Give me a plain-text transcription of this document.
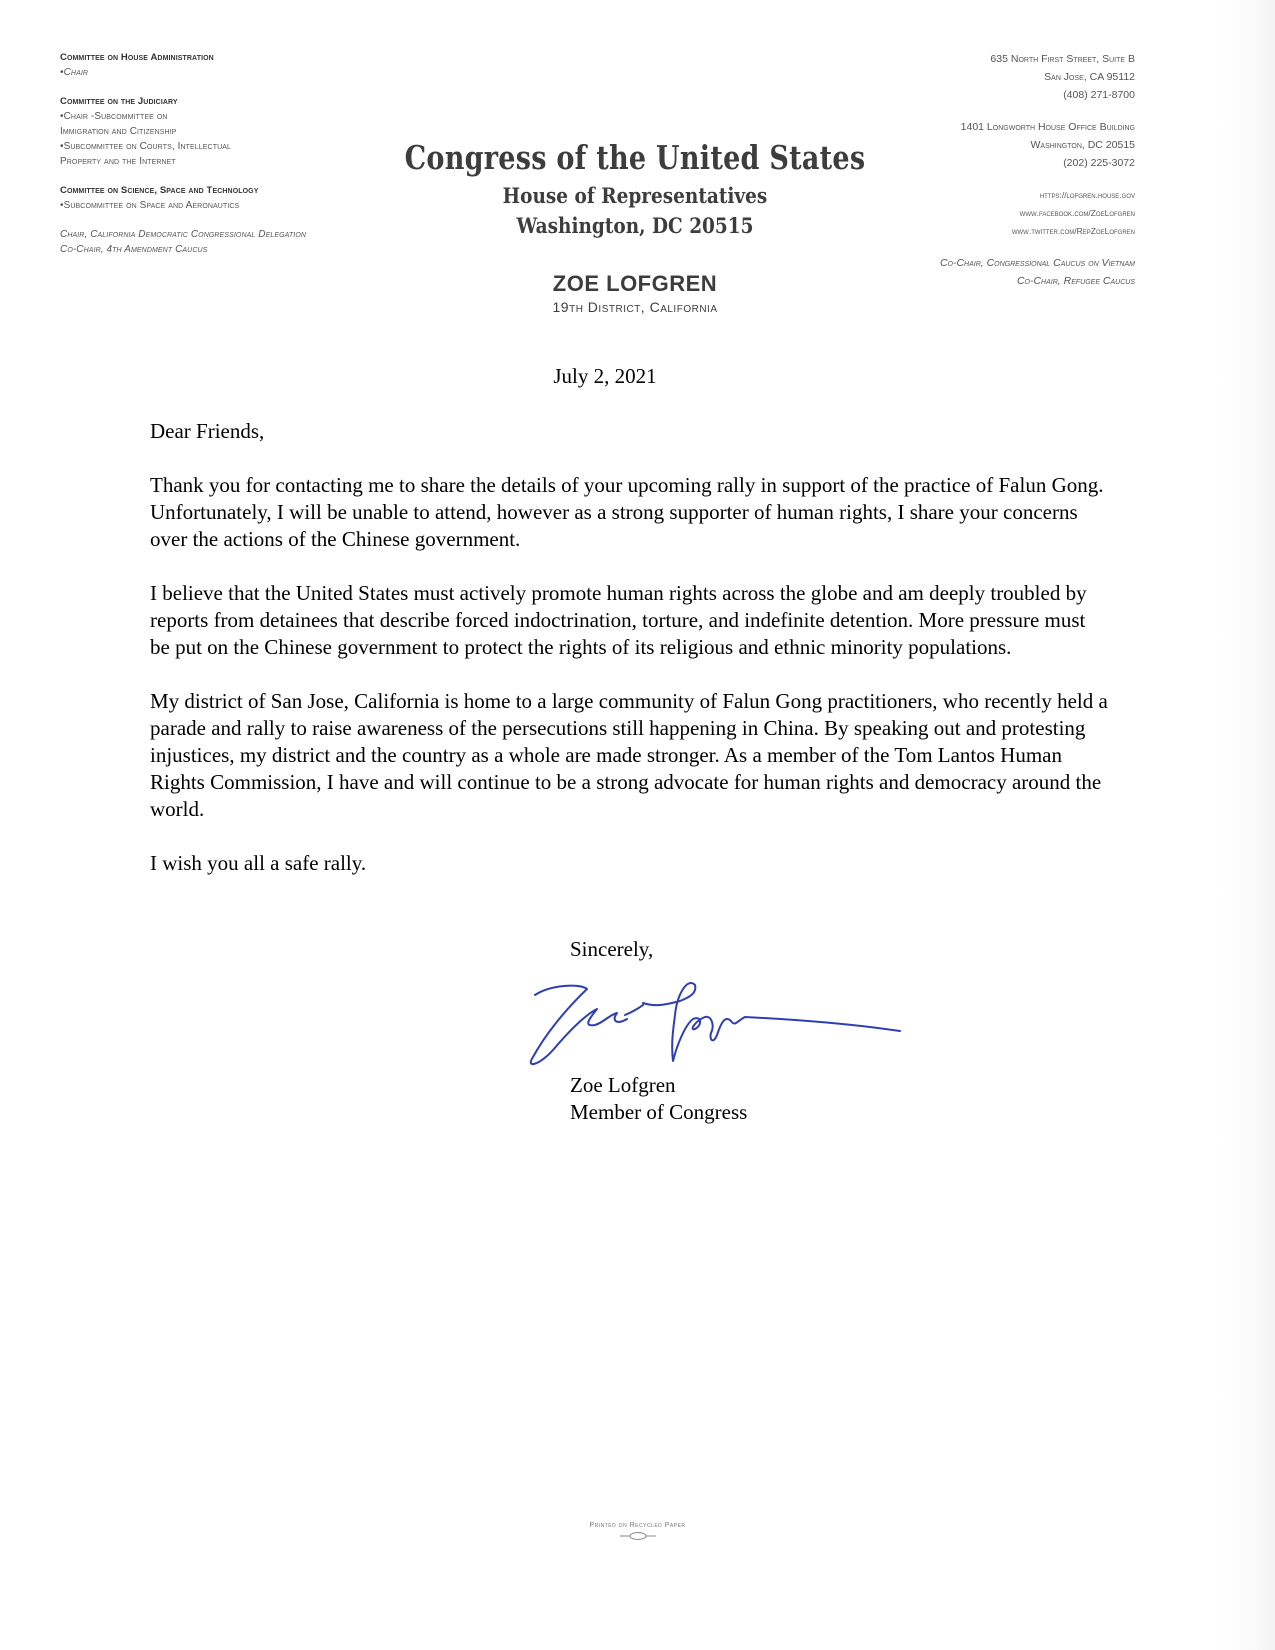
Committee on House Administration
•Chair
Committee on the Judiciary
•Chair -Subcommittee on
Immigration and Citizenship
•Subcommittee on Courts, Intellectual
Property and the Internet
Committee on Science, Space and Technology
•Subcommittee on Space and Aeronautics
Chair, California Democratic Congressional Delegation
Co-Chair, 4th Amendment Caucus
Congress of the United States
House of Representatives
Washington, DC 20515
ZOE LOFGREN
19th District, California
635 North First Street, Suite B
San Jose, CA 95112
(408) 271-8700
1401 Longworth House Office Building
Washington, DC 20515
(202) 225-3072
https://lofgren.house.gov
www.facebook.com/ZoeLofgren
www.twitter.com/RepZoeLofgren
Co-Chair, Congressional Caucus on Vietnam
Co-Chair, Refugee Caucus
July 2, 2021

Dear Friends,

Thank you for contacting me to share the details of your upcoming rally in support of the practice of Falun Gong. Unfortunately, I will be unable to attend, however as a strong supporter of human rights, I share your concerns over the actions of the Chinese government.

I believe that the United States must actively promote human rights across the globe and am deeply troubled by reports from detainees that describe forced indoctrination, torture, and indefinite detention. More pressure must be put on the Chinese government to protect the rights of its religious and ethnic minority populations.

My district of San Jose, California is home to a large community of Falun Gong practitioners, who recently held a parade and rally to raise awareness of the persecutions still happening in China. By speaking out and protesting injustices, my district and the country as a whole are made stronger. As a member of the Tom Lantos Human Rights Commission, I have and will continue to be a strong advocate for human rights and democracy around the world.

I wish you all a safe rally.

Sincerely,
Zoe Lofgren
Member of Congress
Printed on Recycled Paper
